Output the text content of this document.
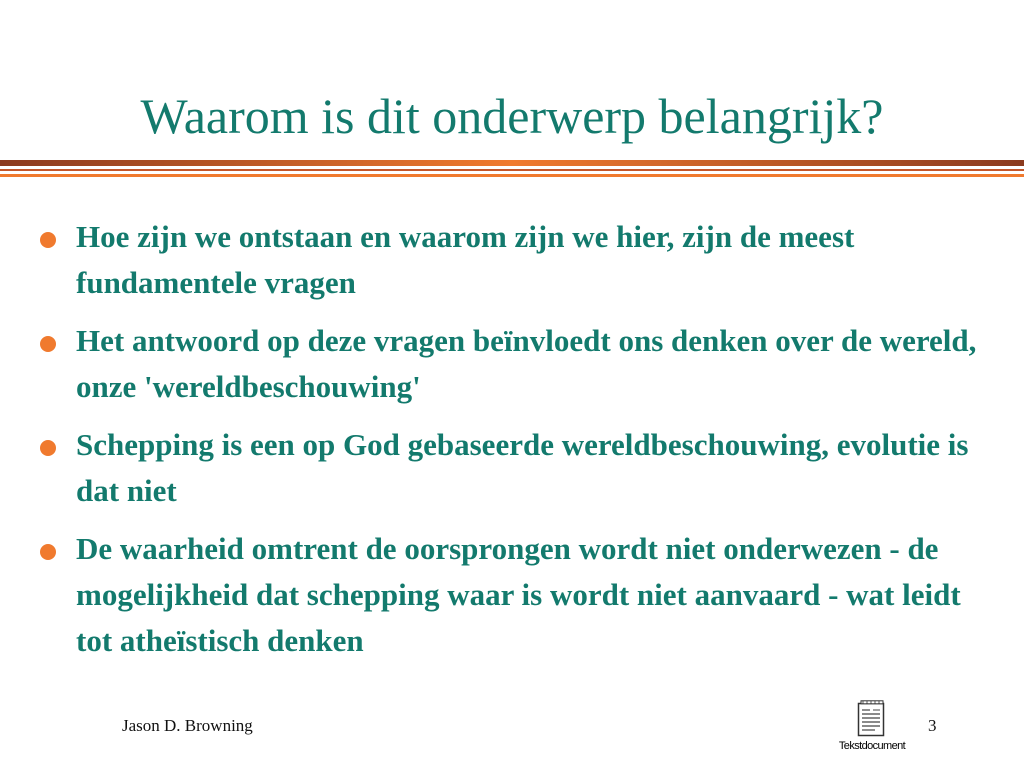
Waarom is dit onderwerp belangrijk?
Hoe zijn we ontstaan en waarom zijn we hier, zijn de meest fundamentele vragen
Het antwoord op deze vragen beïnvloedt ons denken over de wereld, onze 'wereldbeschouwing'
Schepping is een op God gebaseerde wereldbeschouwing, evolutie is dat niet
De waarheid omtrent de oorsprongen wordt niet onderwezen - de mogelijkheid dat schepping waar is wordt niet aanvaard - wat leidt tot atheïstisch denken
Jason D. Browning
Tekstdocument
3
